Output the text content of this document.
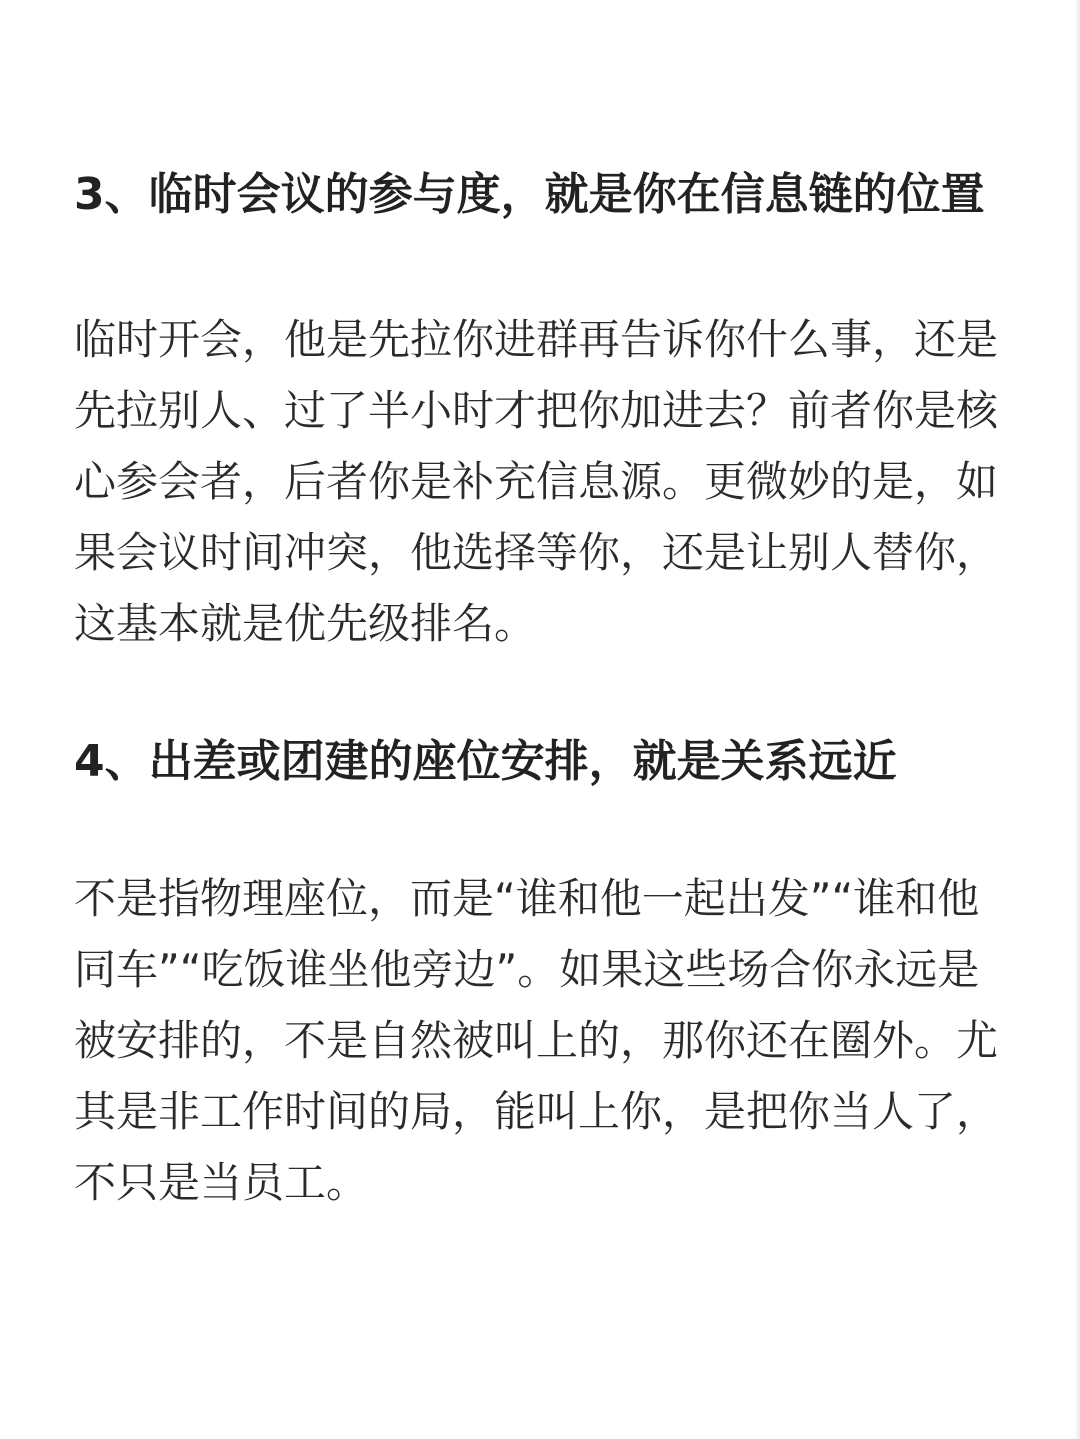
3、临时会议的参与度，就是你在信息链的位置

临时开会，他是先拉你进群再告诉你什么事，还是先拉别人、过了半小时才把你加进去？前者你是核心参会者，后者你是补充信息源。更微妙的是，如果会议时间冲突，他选择等你，还是让别人替你，这基本就是优先级排名。

4、出差或团建的座位安排，就是关系远近

不是指物理座位，而是“谁和他一起出发”“谁和他同车”“吃饭谁坐他旁边”。如果这些场合你永远是被安排的，不是自然被叫上的，那你还在圈外。尤其是非工作时间的局，能叫上你，是把你当人了，不只是当员工。
